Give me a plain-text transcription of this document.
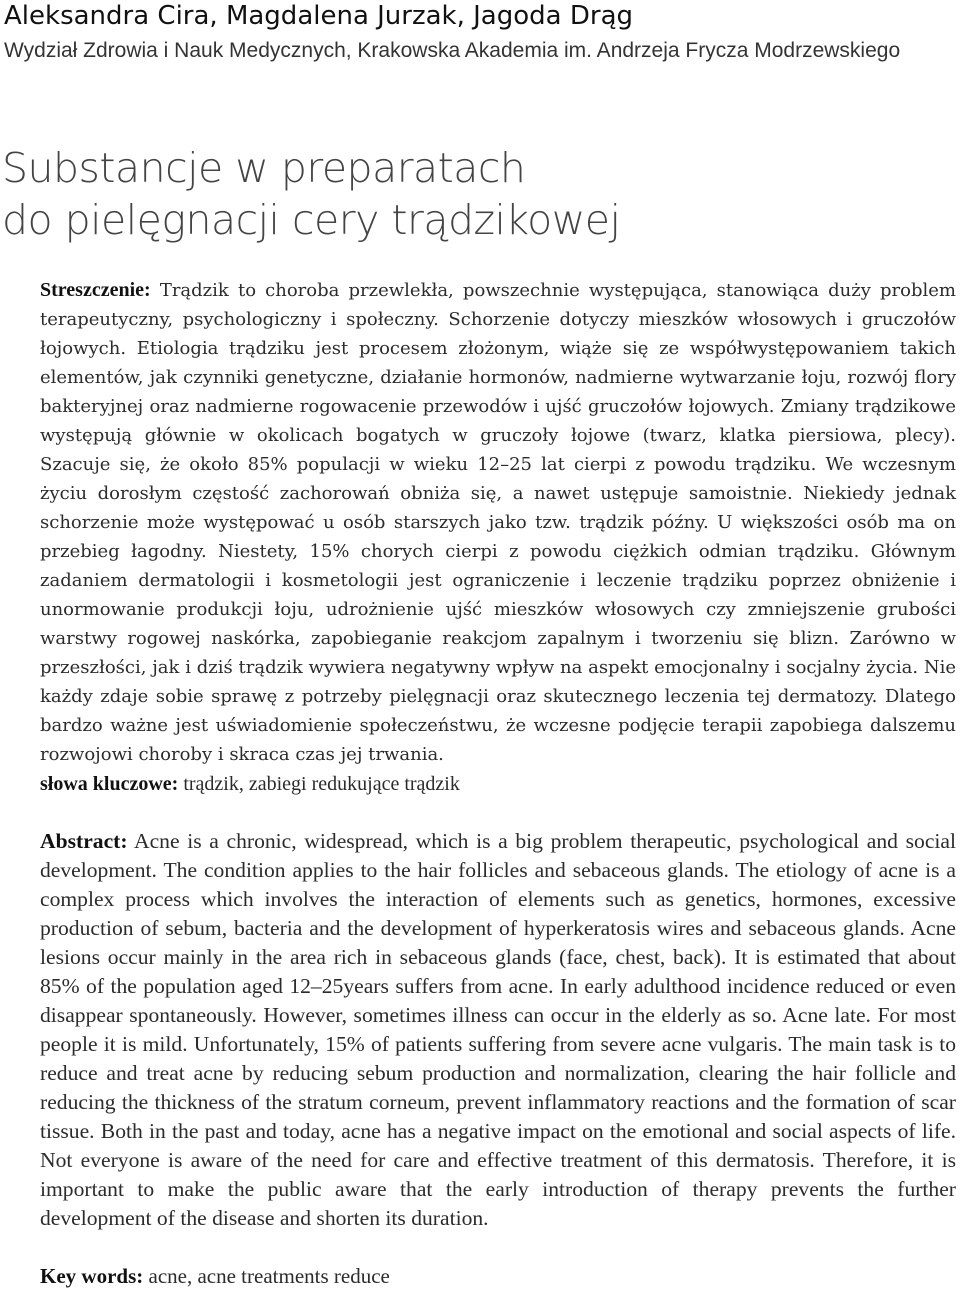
Aleksandra Cira, Magdalena Jurzak, Jagoda Drąg
Wydział Zdrowia i Nauk Medycznych, Krakowska Akademia im. Andrzeja Frycza Modrzewskiego
Substancje w preparatach
do pielęgnacji cery trądzikowej

Streszczenie: Trądzik to choroba przewlekła, powszechnie występująca, stanowiąca duży problem terapeutyczny, psychologiczny i społeczny. Schorzenie dotyczy mieszków włosowych i gruczołów łojowych. Etiologia trądziku jest procesem złożonym, wiąże się ze współwystępowaniem takich elementów, jak czynniki genetyczne, działanie hormonów, nadmierne wytwarzanie łoju, rozwój flory bakteryjnej oraz nadmierne rogowacenie przewodów i ujść gruczołów łojowych. Zmiany trądzikowe występują głównie w okolicach bogatych w gruczoły łojowe (twarz, klatka piersiowa, plecy). Szacuje się, że około 85% populacji w wieku 12–25 lat cierpi z powodu trądziku. We wczesnym życiu dorosłym częstość zachorowań obniża się, a nawet ustępuje samoistnie. Niekiedy jednak schorzenie może występować u osób starszych jako tzw. trądzik późny. U większości osób ma on przebieg łagodny. Niestety, 15% chorych cierpi z powodu ciężkich odmian trądziku. Głównym zadaniem dermatologii i kosmetologii jest ograniczenie i leczenie trądziku poprzez obniżenie i unormowanie produkcji łoju, udrożnienie ujść mieszków włosowych czy zmniejszenie grubości warstwy rogowej naskórka, zapobieganie reakcjom zapalnym i tworzeniu się blizn. Zarówno w przeszłości, jak i dziś trądzik wywiera negatywny wpływ na aspekt emocjonalny i socjalny życia. Nie każdy zdaje sobie sprawę z potrzeby pielęgnacji oraz skutecznego leczenia tej dermatozy. Dlatego bardzo ważne jest uświadomienie społeczeństwu, że wczesne podjęcie terapii zapobiega dalszemu rozwojowi choroby i skraca czas jej trwania.

słowa kluczowe: trądzik, zabiegi redukujące trądzik

Abstract: Acne is a chronic, widespread, which is a big problem therapeutic, psychological and social development. The condition applies to the hair follicles and sebaceous glands. The etiology of acne is a complex process which involves the interaction of elements such as genetics, hormones, excessive production of sebum, bacteria and the development of hyperkeratosis wires and sebaceous glands. Acne lesions occur mainly in the area rich in sebaceous glands (face, chest, back). It is estimated that about 85% of the population aged 12–25years suffers from acne. In early adulthood incidence reduced or even disappear spontaneously. However, sometimes illness can occur in the elderly as so. Acne late. For most people it is mild. Unfortunately, 15% of patients suffering from severe acne vulgaris. The main task is to reduce and treat acne by reducing sebum production and normalization, clearing the hair follicle and reducing the thickness of the stratum corneum, prevent inflammatory reactions and the formation of scar tissue. Both in the past and today, acne has a negative impact on the emotional and social aspects of life. Not everyone is aware of the need for care and effective treatment of this dermatosis. Therefore, it is important to make the public aware that the early introduction of therapy prevents the further development of the disease and shorten its duration.

Key words: acne, acne treatments reduce
